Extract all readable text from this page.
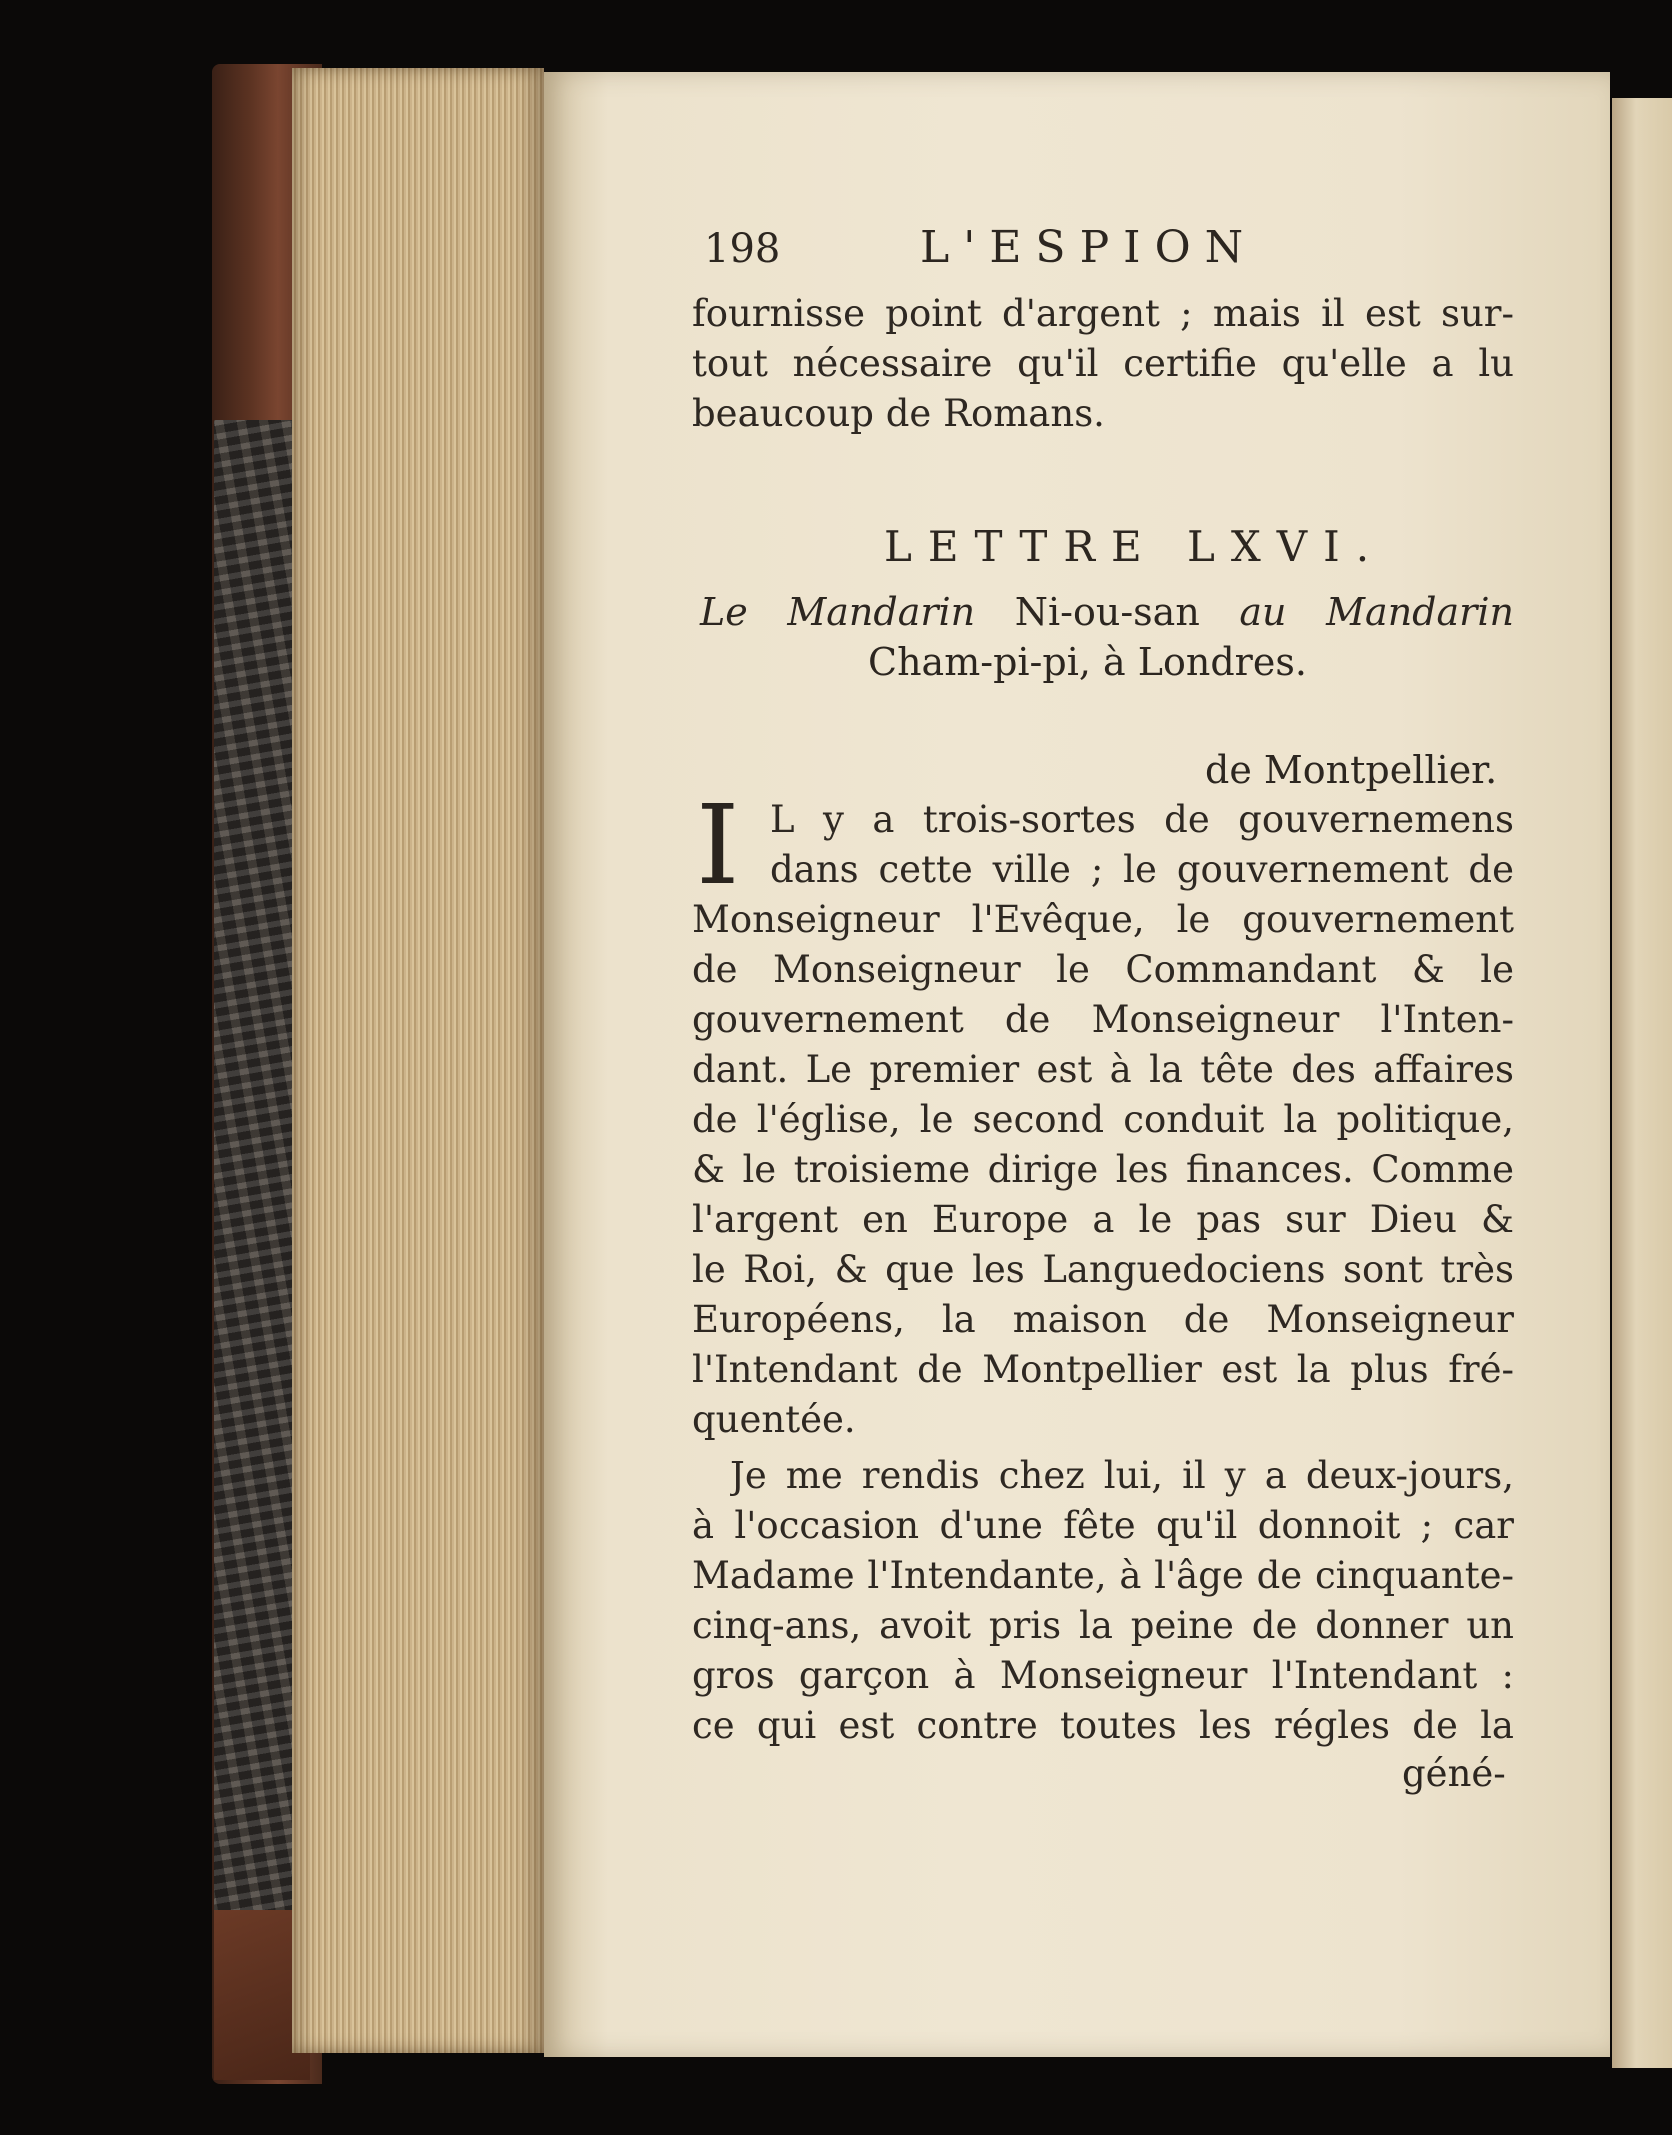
198	L'ESPION
fournisse point d'argent ; mais il est sur-
tout nécessaire qu'il certifie qu'elle a lu
beaucoup de Romans.
LETTRE LXVI.
Le Mandarin Ni-ou-san au Mandarin
Cham-pi-pi, à Londres.
de Montpellier.
I L y a trois-sortes de gouvernemens
dans cette ville ; le gouvernement de
Monseigneur l'Evêque, le gouvernement
de Monseigneur le Commandant & le
gouvernement de Monseigneur l'Inten-
dant. Le premier est à la tête des affaires
de l'église, le second conduit la politique,
& le troisieme dirige les finances. Comme
l'argent en Europe a le pas sur Dieu &
le Roi, & que les Languedociens sont très
Européens, la maison de Monseigneur
l'Intendant de Montpellier est la plus fré-
quentée.
Je me rendis chez lui, il y a deux-jours,
à l'occasion d'une fête qu'il donnoit ; car
Madame l'Intendante, à l'âge de cinquante-
cinq-ans, avoit pris la peine de donner un
gros garçon à Monseigneur l'Intendant :
ce qui est contre toutes les régles de la
géné-
